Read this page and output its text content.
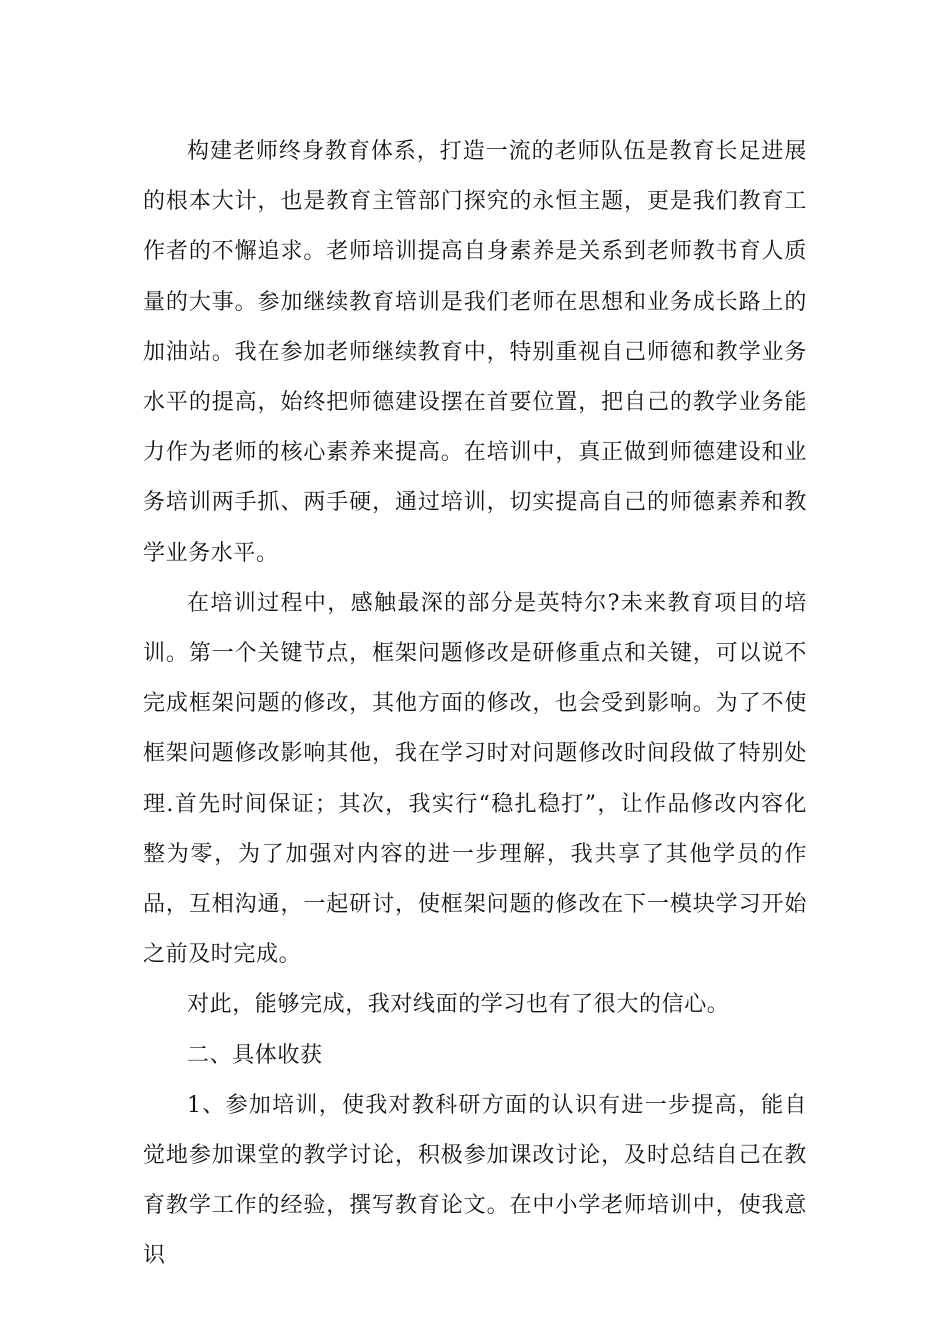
构建老师终身教育体系，打造一流的老师队伍是教育长足进展的根本大计，也是教育主管部门探究的永恒主题，更是我们教育工作者的不懈追求。老师培训提高自身素养是关系到老师教书育人质量的大事。参加继续教育培训是我们老师在思想和业务成长路上的加油站。我在参加老师继续教育中，特别重视自己师德和教学业务水平的提高，始终把师德建设摆在首要位置，把自己的教学业务能力作为老师的核心素养来提高。在培训中，真正做到师德建设和业务培训两手抓、两手硬，通过培训，切实提高自己的师德素养和教学业务水平。

在培训过程中，感触最深的部分是英特尔?未来教育项目的培训。第一个关键节点，框架问题修改是研修重点和关键，可以说不完成框架问题的修改，其他方面的修改，也会受到影响。为了不使框架问题修改影响其他，我在学习时对问题修改时间段做了特别处理.首先时间保证；其次，我实行“稳扎稳打”，让作品修改内容化整为零，为了加强对内容的进一步理解，我共享了其他学员的作品，互相沟通，一起研讨，使框架问题的修改在下一模块学习开始之前及时完成。

对此，能够完成，我对线面的学习也有了很大的信心。

二、具体收获

1、参加培训，使我对教科研方面的认识有进一步提高，能自觉地参加课堂的教学讨论，积极参加课改讨论，及时总结自己在教育教学工作的经验，撰写教育论文。在中小学老师培训中，使我意识
